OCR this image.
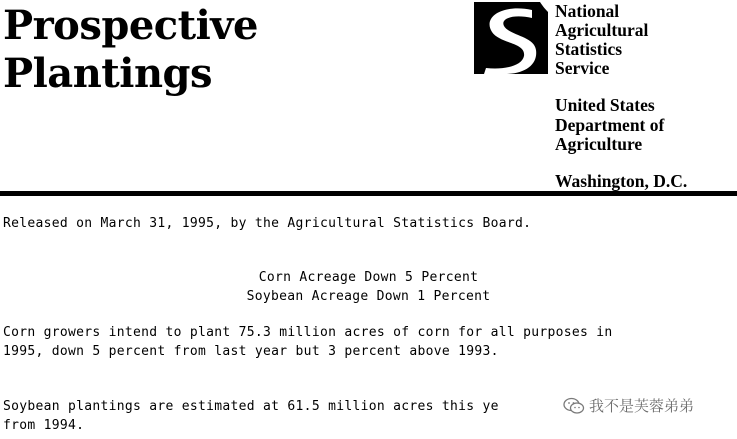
Prospective
Plantings
National
Agricultural
Statistics
Service
United States
Department of
Agriculture
Washington, D.C.
Released on March 31, 1995, by the Agricultural Statistics Board.
Corn Acreage Down 5 Percent
Soybean Acreage Down 1 Percent
Corn growers intend to plant 75.3 million acres of corn for all purposes in
1995, down 5 percent from last year but 3 percent above 1993.
Soybean plantings are estimated at 61.5 million acres this ye
from 1994.
我不是芙蓉弟弟
